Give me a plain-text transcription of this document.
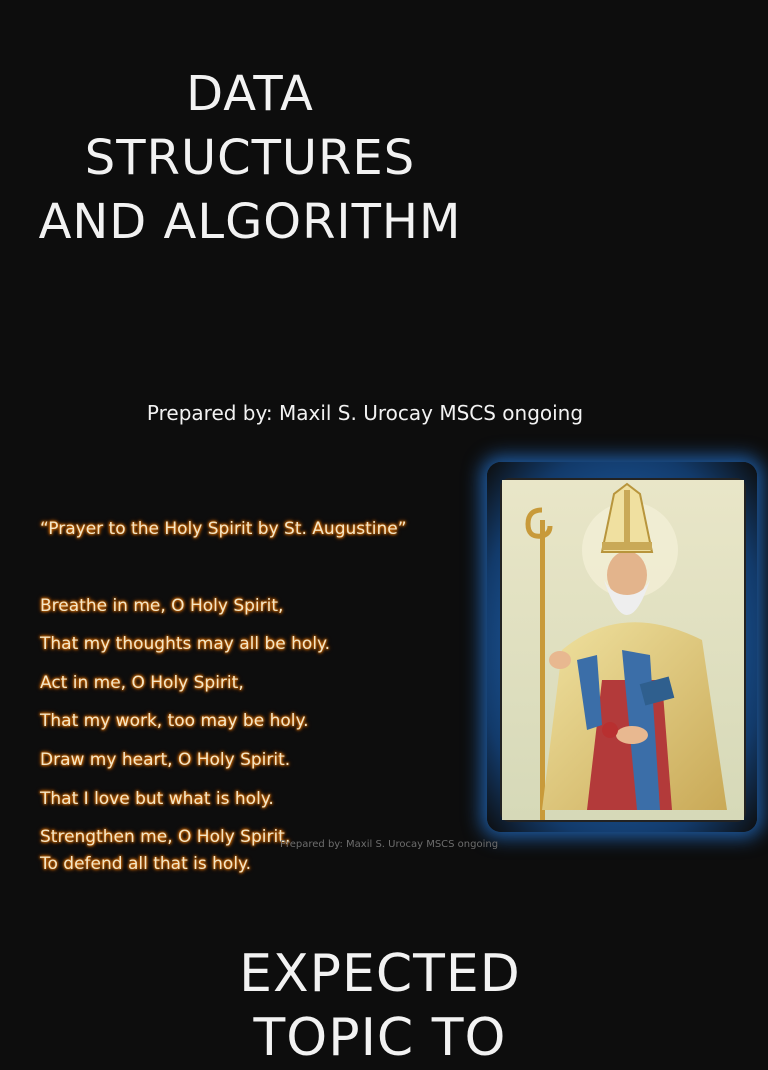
DATA
STRUCTURES
AND ALGORITHM
Prepared by: Maxil S. Urocay MSCS ongoing
“Prayer to the Holy Spirit by St. Augustine”
Breathe in me, O Holy Spirit,
That my thoughts may all be holy.
Act in me, O Holy Spirit,
That my work, too may be holy.
Draw my heart, O Holy Spirit.
That I love but what is holy.
Strengthen me, O Holy Spirit,
To defend all that is holy.
Prepared by: Maxil S. Urocay MSCS ongoing
EXPECTED
TOPIC TO
